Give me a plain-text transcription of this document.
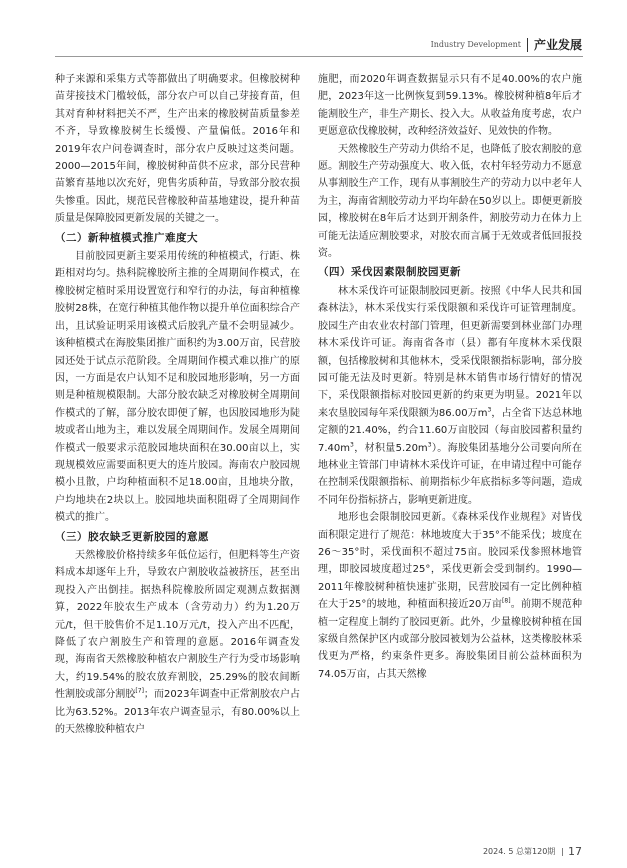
Industry Development 产业发展

种子来源和采集方式等都做出了明确要求。但橡胶树种苗芽接技术门槛较低，部分农户可以自己芽接育苗，但其对育种材料把关不严，生产出来的橡胶树苗质量参差不齐，导致橡胶树生长缓慢、产量偏低。2016年和2019年农户问卷调查时，部分农户反映过这类问题。2000—2015年间，橡胶树种苗供不应求，部分民营种苗繁育基地以次充好，兜售劣质种苗，导致部分胶农损失惨重。因此，规范民营橡胶种苗基地建设，提升种苗质量是保障胶园更新发展的关键之一。

（二）新种植模式推广难度大

目前胶园更新主要采用传统的种植模式，行距、株距相对均匀。热科院橡胶所主推的全周期间作模式，在橡胶树定植时采用设置宽行和窄行的办法，每亩种植橡胶树28株，在宽行种植其他作物以提升单位面积综合产出，且试验证明采用该模式后胶乳产量不会明显减少。该种植模式在海胶集团推广面积约为3.00万亩，民营胶园还处于试点示范阶段。全周期间作模式难以推广的原因，一方面是农户认知不足和胶园地形影响，另一方面则是种植规模限制。大部分胶农缺乏对橡胶树全周期间作模式的了解，部分胶农即便了解，也因胶园地形为陡坡或者山地为主，难以发展全周期间作。发展全周期间作模式一般要求示范胶园地块面积在30.00亩以上，实现规模效应需要面积更大的连片胶园。海南农户胶园规模小且散，户均种植面积不足18.00亩，且地块分散，户均地块在2块以上。胶园地块面积阻碍了全周期间作模式的推广。

（三）胶农缺乏更新胶园的意愿

天然橡胶价格持续多年低位运行，但肥料等生产资料成本却逐年上升，导致农户割胶收益被挤压，甚至出现投入产出倒挂。据热科院橡胶所固定观测点数据测算，2022年胶农生产成本（含劳动力）约为1.20万元/t，但干胶售价不足1.10万元/t，投入产出不匹配，降低了农户割胶生产和管理的意愿。2016年调查发现，海南省天然橡胶种植农户割胶生产行为受市场影响大，约19.54%的胶农放弃割胶，25.29%的胶农间断性割胶或部分割胶[7]；而2023年调查中正常割胶农户占比为63.52%。2013年农户调查显示，有80.00%以上的天然橡胶种植农户

施肥，而2020年调查数据显示只有不足40.00%的农户施肥，2023年这一比例恢复到59.13%。橡胶树种植8年后才能割胶生产，非生产期长、投入大。从收益角度考虑，农户更愿意砍伐橡胶树，改种经济效益好、见效快的作物。

天然橡胶生产劳动力供给不足，也降低了胶农割胶的意愿。割胶生产劳动强度大、收入低，农村年轻劳动力不愿意从事割胶生产工作，现有从事割胶生产的劳动力以中老年人为主，海南省割胶劳动力平均年龄在50岁以上。即便更新胶园，橡胶树在8年后才达到开割条件，割胶劳动力在体力上可能无法适应割胶要求，对胶农而言属于无效或者低回报投资。

（四）采伐因素限制胶园更新

林木采伐许可证限制胶园更新。按照《中华人民共和国森林法》，林木采伐实行采伐限额和采伐许可证管理制度。胶园生产由农业农村部门管理，但更新需要到林业部门办理林木采伐许可证。海南省各市（县）都有年度林木采伐限额，包括橡胶树和其他林木，受采伐限额指标影响，部分胶园可能无法及时更新。特别是林木销售市场行情好的情况下，采伐限额指标对胶园更新的约束更为明显。2021年以来农垦胶园每年采伐限额为86.00万$m^3$，占全省下达总林地定额的21.40%，约合11.60万亩胶园（每亩胶园蓄积量约$7.40m^3$，材积量$5.20m^3$）。海胶集团基地分公司要向所在地林业主管部门申请林木采伐许可证，在申请过程中可能存在控制采伐限额指标、前期指标少年底指标多等问题，造成不同年份指标挤占，影响更新进度。

地形也会限制胶园更新。《森林采伐作业规程》对皆伐面积限定进行了规范：林地坡度大于35°不能采伐；坡度在26～35°时，采伐面积不超过75亩。胶园采伐参照林地管理，即胶园坡度超过25°，采伐更新会受到制约。1990—2011年橡胶树种植快速扩张期，民营胶园有一定比例种植在大于25°的坡地，种植面积接近20万亩[8]。前期不规范种植一定程度上制约了胶园更新。此外，少量橡胶树种植在国家级自然保护区内或部分胶园被划为公益林，这类橡胶林采伐更为严格，约束条件更多。海胶集团目前公益林面积为74.05万亩，占其天然橡

2024. 5 总第120期 | 17
